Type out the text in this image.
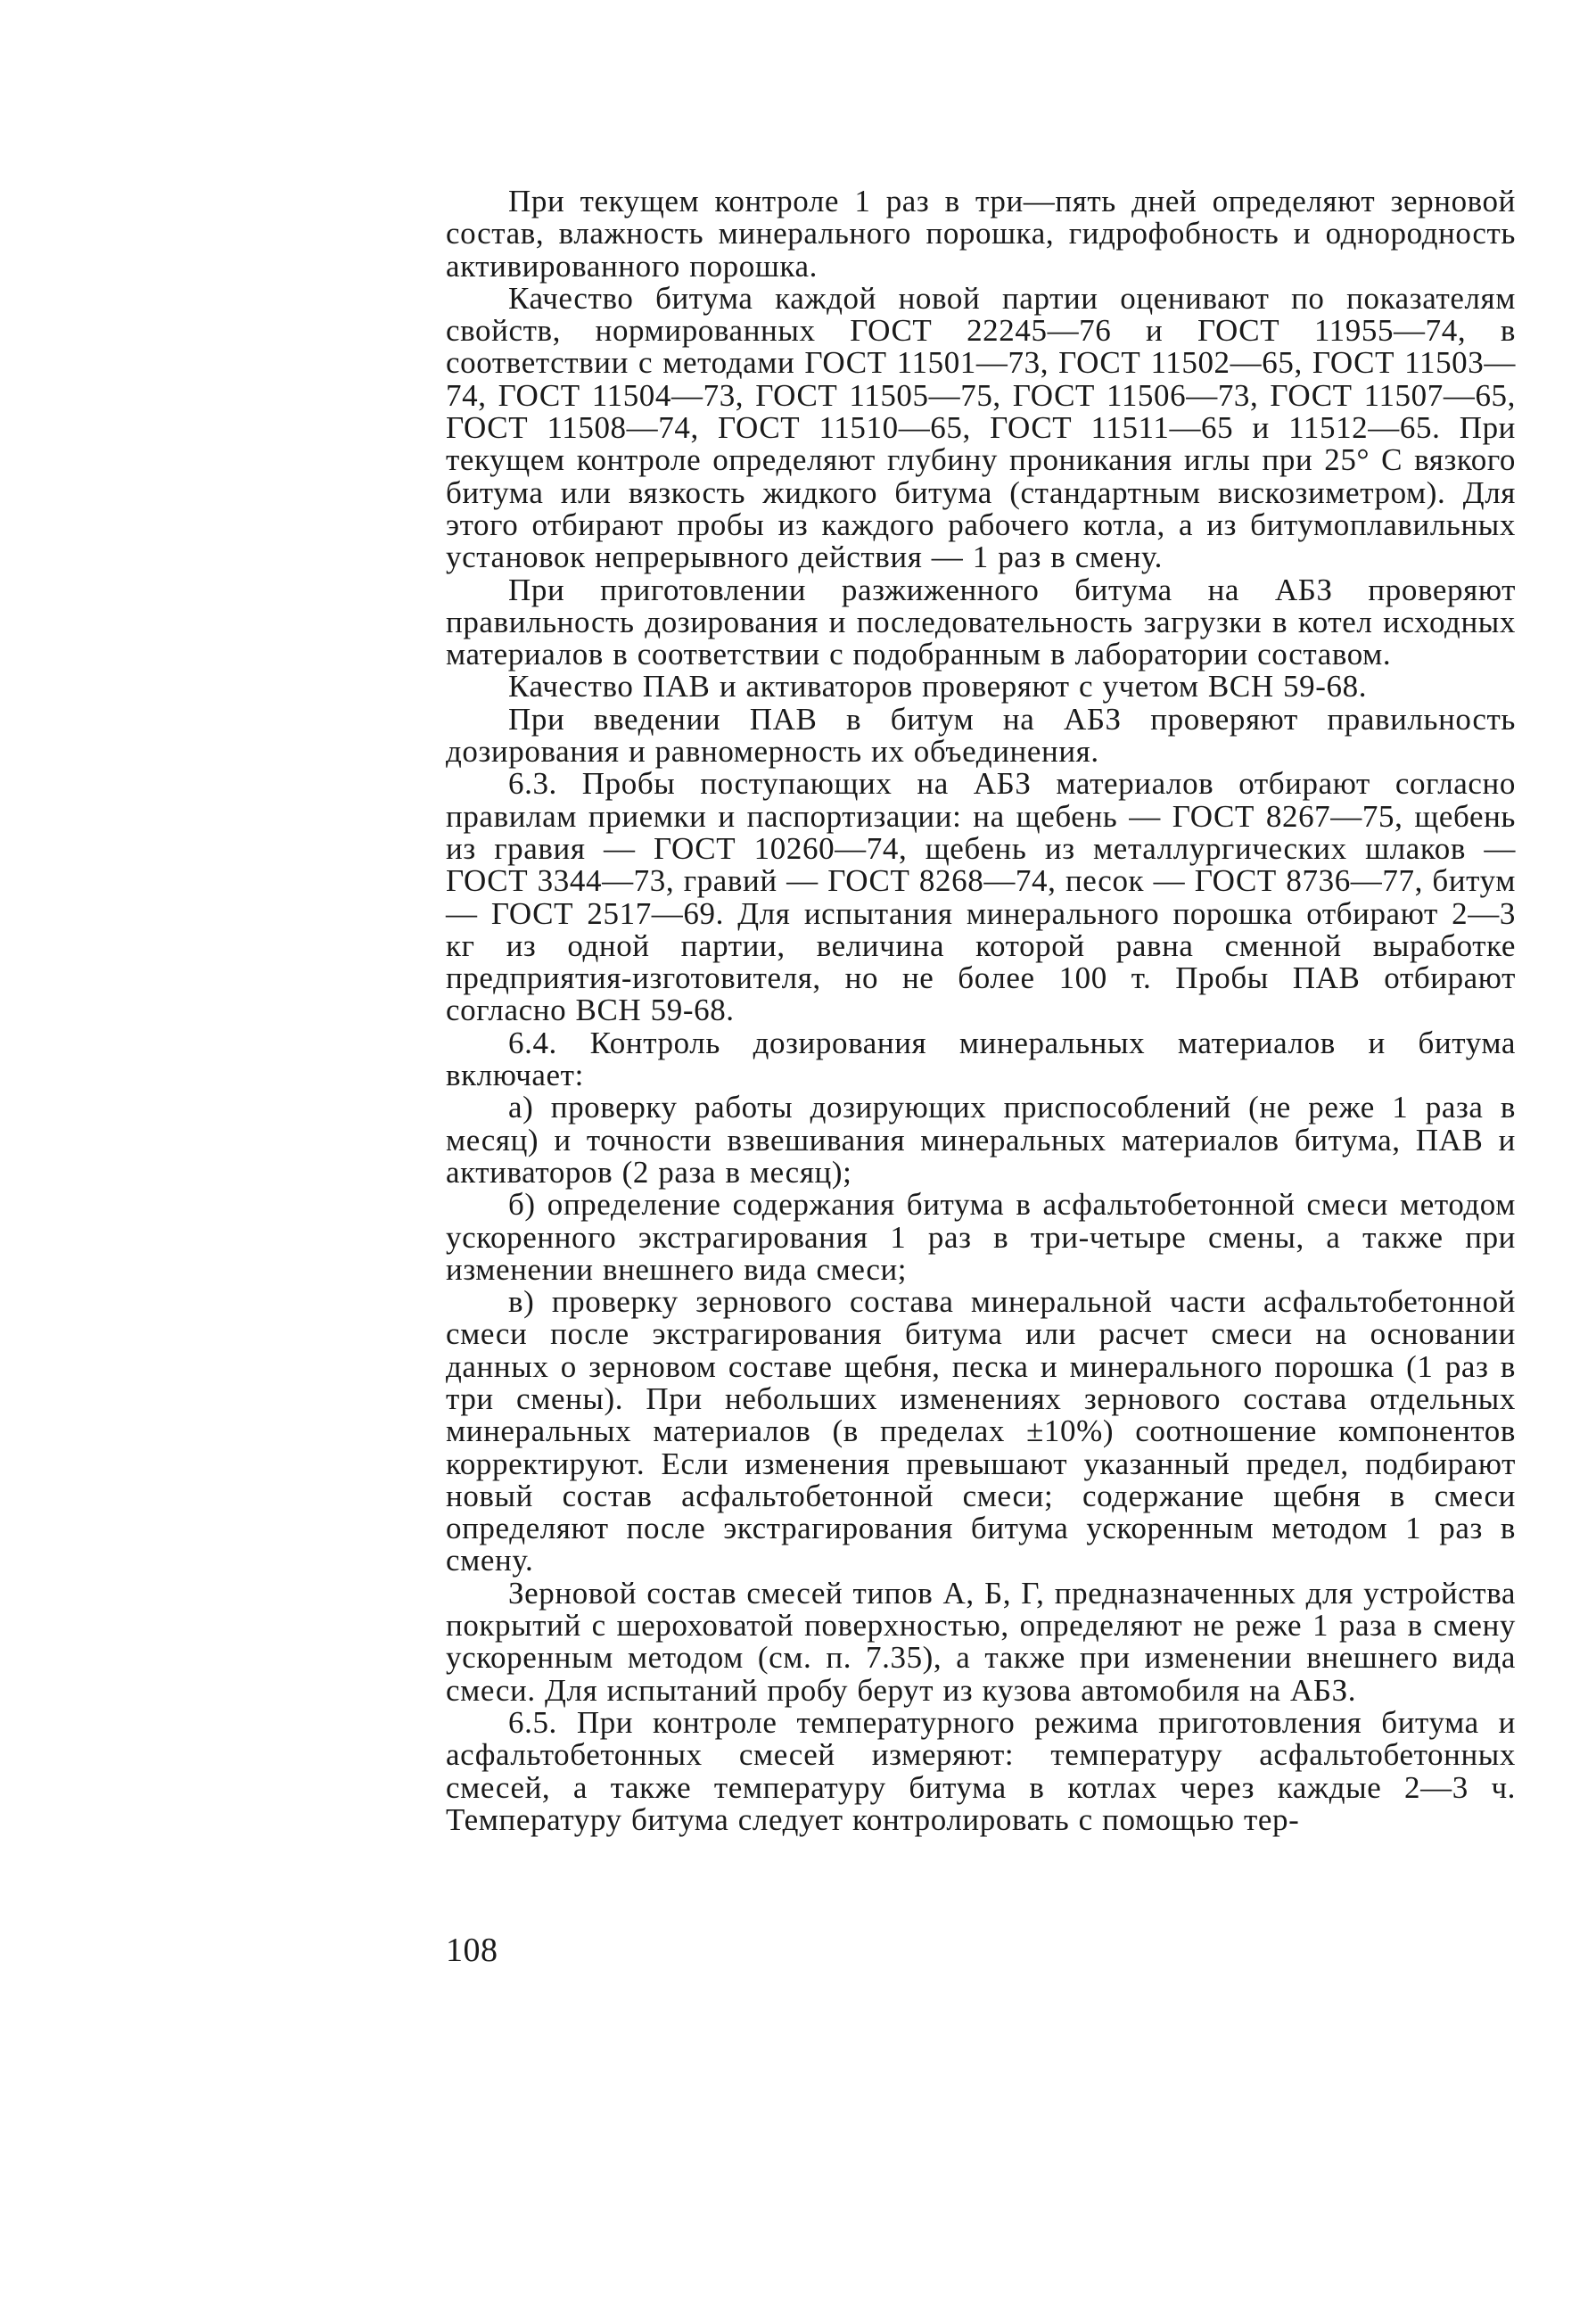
При текущем контроле 1 раз в три—пять дней определяют зерновой состав, влажность минерального порошка, гидрофобность и однородность активированного порошка.

Качество битума каждой новой партии оценивают по показателям свойств, нормированных ГОСТ 22245—76 и ГОСТ 11955—74, в соответствии с методами ГОСТ 11501—73, ГОСТ 11502—65, ГОСТ 11503—74, ГОСТ 11504—73, ГОСТ 11505—75, ГОСТ 11506—73, ГОСТ 11507—65, ГОСТ 11508—74, ГОСТ 11510—65, ГОСТ 11511—65 и 11512—65. При текущем контроле определяют глубину проникания иглы при 25° С вязкого битума или вязкость жидкого битума (стандартным вискозиметром). Для этого отбирают пробы из каждого рабочего котла, а из битумоплавильных установок непрерывного действия — 1 раз в смену.

При приготовлении разжиженного битума на АБЗ проверяют правильность дозирования и последовательность загрузки в котел исходных материалов в соответствии с подобранным в лаборатории составом.

Качество ПАВ и активаторов проверяют с учетом ВСН 59-68.

При введении ПАВ в битум на АБЗ проверяют правильность дозирования и равномерность их объединения.

6.3. Пробы поступающих на АБЗ материалов отбирают согласно правилам приемки и паспортизации: на щебень — ГОСТ 8267—75, щебень из гравия — ГОСТ 10260—74, щебень из металлургических шлаков — ГОСТ 3344—73, гравий — ГОСТ 8268—74, песок — ГОСТ 8736—77, битум — ГОСТ 2517—69. Для испытания минерального порошка отбирают 2—3 кг из одной партии, величина которой равна сменной выработке предприятия-изготовителя, но не более 100 т. Пробы ПАВ отбирают согласно ВСН 59-68.

6.4. Контроль дозирования минеральных материалов и битума включает:

а) проверку работы дозирующих приспособлений (не реже 1 раза в месяц) и точности взвешивания минеральных материалов битума, ПАВ и активаторов (2 раза в месяц);

б) определение содержания битума в асфальтобетонной смеси методом ускоренного экстрагирования 1 раз в три-четыре смены, а также при изменении внешнего вида смеси;

в) проверку зернового состава минеральной части асфальтобетонной смеси после экстрагирования битума или расчет смеси на основании данных о зерновом составе щебня, песка и минерального порошка (1 раз в три смены). При небольших изменениях зернового состава отдельных минеральных материалов (в пределах ±10%) соотношение компонентов корректируют. Если изменения превышают указанный предел, подбирают новый состав асфальтобетонной смеси; содержание щебня в смеси определяют после экстрагирования битума ускоренным методом 1 раз в смену.

Зерновой состав смесей типов А, Б, Г, предназначенных для устройства покрытий с шероховатой поверхностью, определяют не реже 1 раза в смену ускоренным методом (см. п. 7.35), а также при изменении внешнего вида смеси. Для испытаний пробу берут из кузова автомобиля на АБЗ.

6.5. При контроле температурного режима приготовления битума и асфальтобетонных смесей измеряют: температуру асфальтобетонных смесей, а также температуру битума в котлах через каждые 2—3 ч. Температуру битума следует контролировать с помощью тер-

108
